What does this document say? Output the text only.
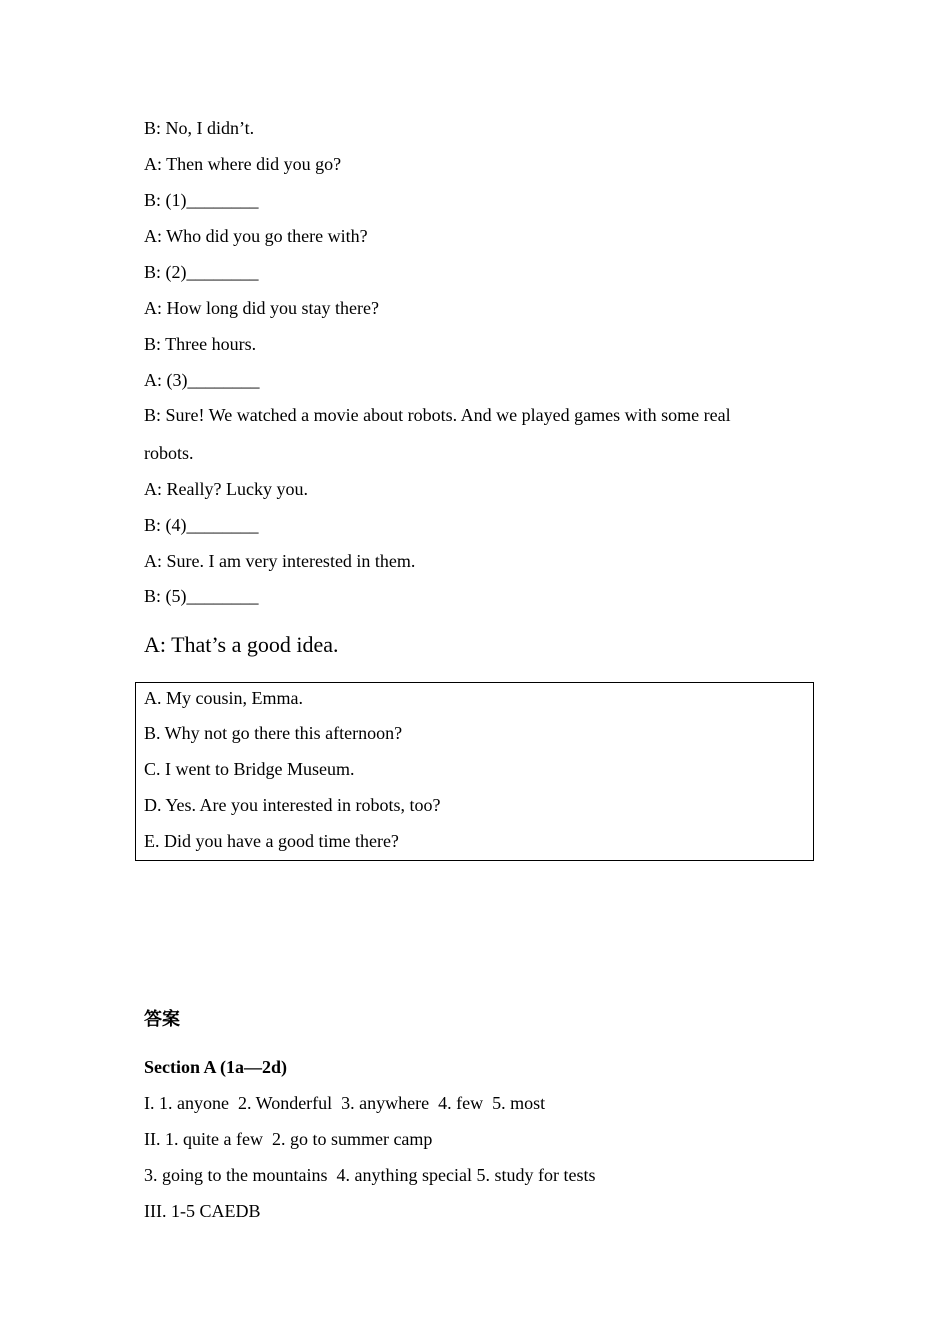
B: No, I didn’t.
A: Then where did you go?
B: (1)________
A: Who did you go there with?
B: (2)________
A: How long did you stay there?
B: Three hours.
A: (3)________
B: Sure! We watched a movie about robots. And we played games with some real
robots.
A: Really? Lucky you.
B: (4)________
A: Sure. I am very interested in them.
B: (5)________
A: That’s a good idea.
A. My cousin, Emma.
B. Why not go there this afternoon?
C. I went to Bridge Museum.
D. Yes. Are you interested in robots, too?
E. Did you have a good time there?
答案
Section A (1a—2d)
I. 1. anyone  2. Wonderful  3. anywhere  4. few  5. most
II. 1. quite a few  2. go to summer camp
3. going to the mountains  4. anything special 5. study for tests
III. 1-5 CAEDB
